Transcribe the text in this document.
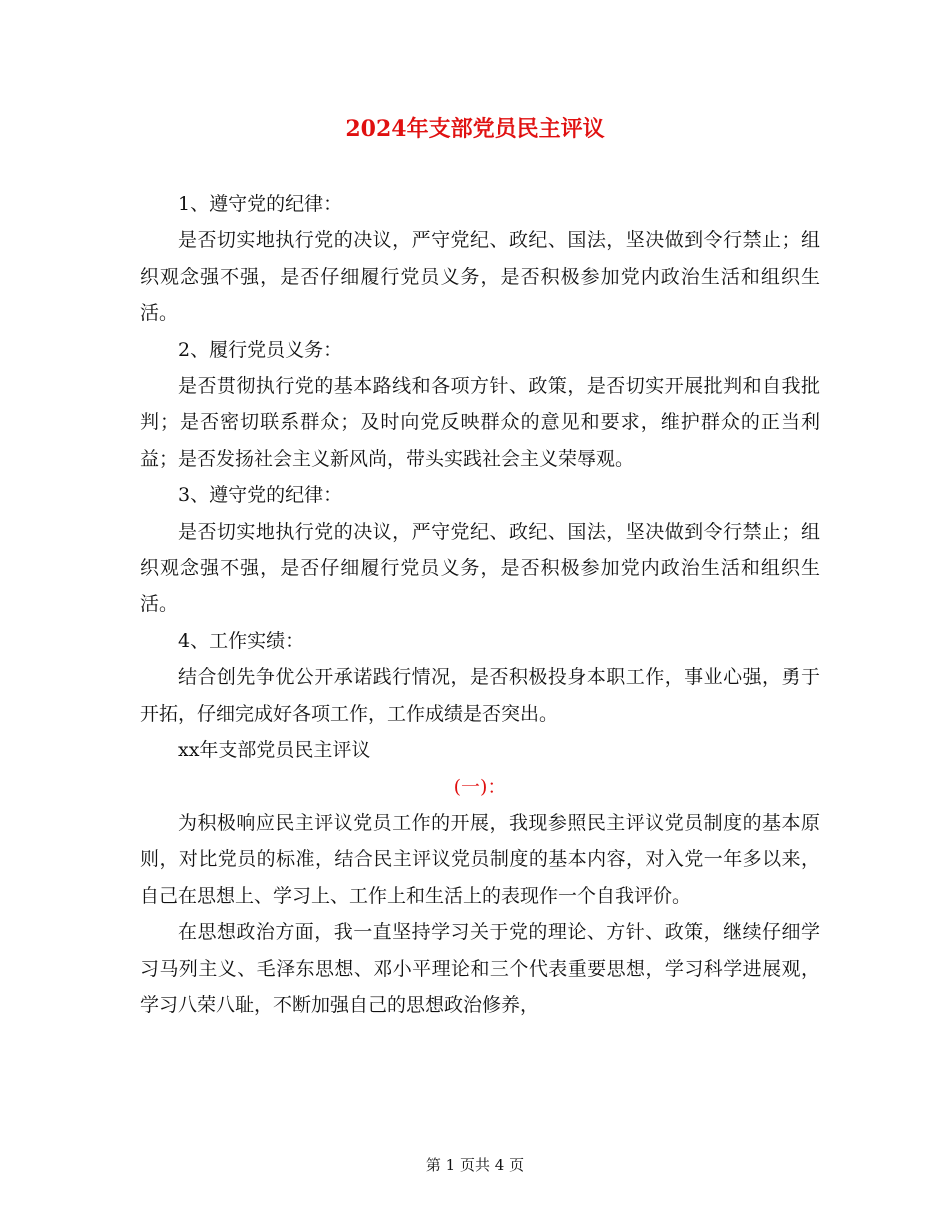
2024年支部党员民主评议

1、遵守党的纪律：

是否切实地执行党的决议，严守党纪、政纪、国法，坚决做到令行禁止；组织观念强不强，是否仔细履行党员义务，是否积极参加党内政治生活和组织生活。

2、履行党员义务：

是否贯彻执行党的基本路线和各项方针、政策，是否切实开展批判和自我批判；是否密切联系群众；及时向党反映群众的意见和要求，维护群众的正当利益；是否发扬社会主义新风尚，带头实践社会主义荣辱观。

3、遵守党的纪律：

是否切实地执行党的决议，严守党纪、政纪、国法，坚决做到令行禁止；组织观念强不强，是否仔细履行党员义务，是否积极参加党内政治生活和组织生活。

4、工作实绩：

结合创先争优公开承诺践行情况，是否积极投身本职工作，事业心强，勇于开拓，仔细完成好各项工作，工作成绩是否突出。

xx年支部党员民主评议

(一)：

为积极响应民主评议党员工作的开展，我现参照民主评议党员制度的基本原则，对比党员的标准，结合民主评议党员制度的基本内容，对入党一年多以来，自己在思想上、学习上、工作上和生活上的表现作一个自我评价。

在思想政治方面，我一直坚持学习关于党的理论、方针、政策，继续仔细学习马列主义、毛泽东思想、邓小平理论和三个代表重要思想，学习科学进展观，学习八荣八耻，不断加强自己的思想政治修养，

第 1 页共 4 页
